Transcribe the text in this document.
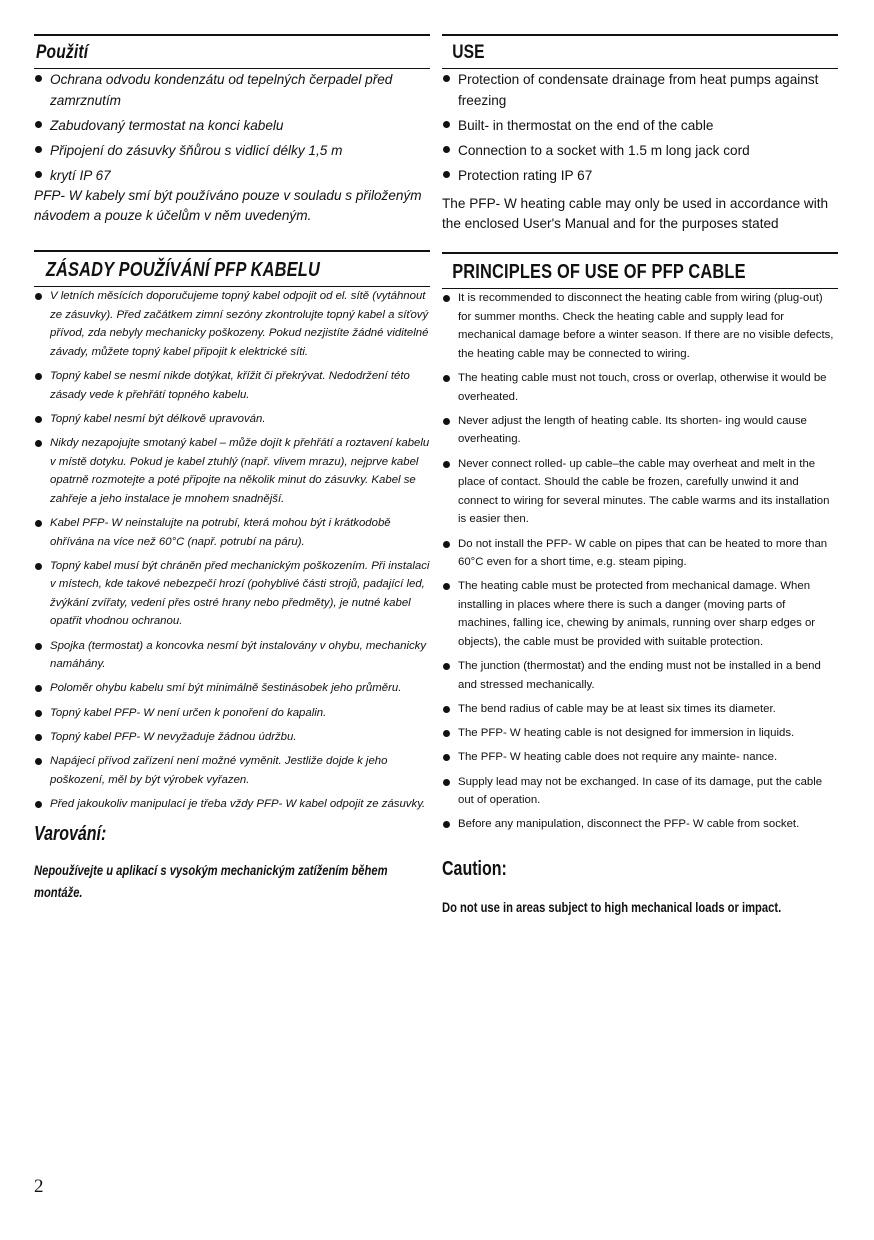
Použití
Ochrana odvodu kondenzátu od tepelných čerpadel před zamrznutím
Zabudovaný termostat na konci kabelu
Připojení do zásuvky šňůrou s vidlicí délky 1,5 m
krytí IP 67

PFP- W kabely smí být používáno pouze v souladu s přiloženým návodem a pouze k účelům v něm uvedeným.

ZÁSADY POUŽÍVÁNÍ PFP KABELU
V letních měsících doporučujeme topný kabel odpojit od el. sítě (vytáhnout ze zásuvky). Před začátkem zimní sezóny zkontrolujte topný kabel a síťový přívod, zda nebyly mechanicky poškozeny. Pokud nezjistíte žádné viditelné závady, můžete topný kabel připojit k elektrické síti.
Topný kabel se nesmí nikde dotýkat, křížit či překrývat. Nedodržení této zásady vede k přehřátí topného kabelu.
Topný kabel nesmí být délkově upravován.
Nikdy nezapojujte smotaný kabel – může dojít k přehřátí a roztavení kabelu v místě dotyku. Pokud je kabel ztuhlý (např. vlivem mrazu), nejprve kabel opatrně rozmotejte a poté připojte na několik minut do zásuvky. Kabel se zahřeje a jeho instalace je mnohem snadnější.
Kabel PFP- W neinstalujte na potrubí, která mohou být i krátkodobě ohřívána na více než 60°C (např. potrubí na páru).
Topný kabel musí být chráněn před mechanickým poškozením. Při instalaci v místech, kde takové nebezpečí hrozí (pohyblivé části strojů, padající led, žvýkání zvířaty, vedení přes ostré hrany nebo předměty), je nutné kabel opatřit vhodnou ochranou.
Spojka (termostat) a koncovka nesmí být instalovány v ohybu, mechanicky namáhány.
Poloměr ohybu kabelu smí být minimálně šestinásobek jeho průměru.
Topný kabel PFP- W není určen k ponoření do kapalin.
Topný kabel PFP- W nevyžaduje žádnou údržbu.
Napájecí přívod zařízení není možné vyměnit. Jestliže dojde k jeho poškození, měl by být výrobek vyřazen.
Před jakoukoliv manipulací je třeba vždy PFP- W kabel odpojit ze zásuvky.
Varování:
Nepoužívejte u aplikací s vysokým mechanickým zatížením během montáže.
USE
Protection of condensate drainage from heat pumps against freezing
Built- in thermostat on the end of the cable
Connection to a socket with 1.5 m long jack cord
Protection rating IP 67

The PFP- W heating cable may only be used in accordance with the enclosed User's Manual and for the purposes stated

PRINCIPLES OF USE OF PFP CABLE
It is recommended to disconnect the heating cable from wiring (plug-out) for summer months. Check the heating cable and supply lead for mechanical damage before a winter season. If there are no visible defects, the heating cable may be connected to wiring.
The heating cable must not touch, cross or overlap, otherwise it would be overheated.
Never adjust the length of heating cable. Its shorten- ing would cause overheating.
Never connect rolled- up cable–the cable may overheat and melt in the place of contact. Should the cable be frozen, carefully unwind it and connect to wiring for several minutes. The cable warms and its installation is easier then.
Do not install the PFP- W cable on pipes that can be heated to more than 60°C even for a short time, e.g. steam piping.
The heating cable must be protected from mechanical damage. When installing in places where there is such a danger (moving parts of machines, falling ice, chewing by animals, running over sharp edges or objects), the cable must be provided with suitable protection.
The junction (thermostat) and the ending must not be installed in a bend and stressed mechanically.
The bend radius of cable may be at least six times its diameter.
The PFP- W heating cable is not designed for immersion in liquids.
The PFP- W heating cable does not require any mainte- nance.
Supply lead may not be exchanged. In case of its damage, put the cable out of operation.
Before any manipulation, disconnect the PFP- W cable from socket.
Caution:
Do not use in areas subject to high mechanical loads or impact.
2
